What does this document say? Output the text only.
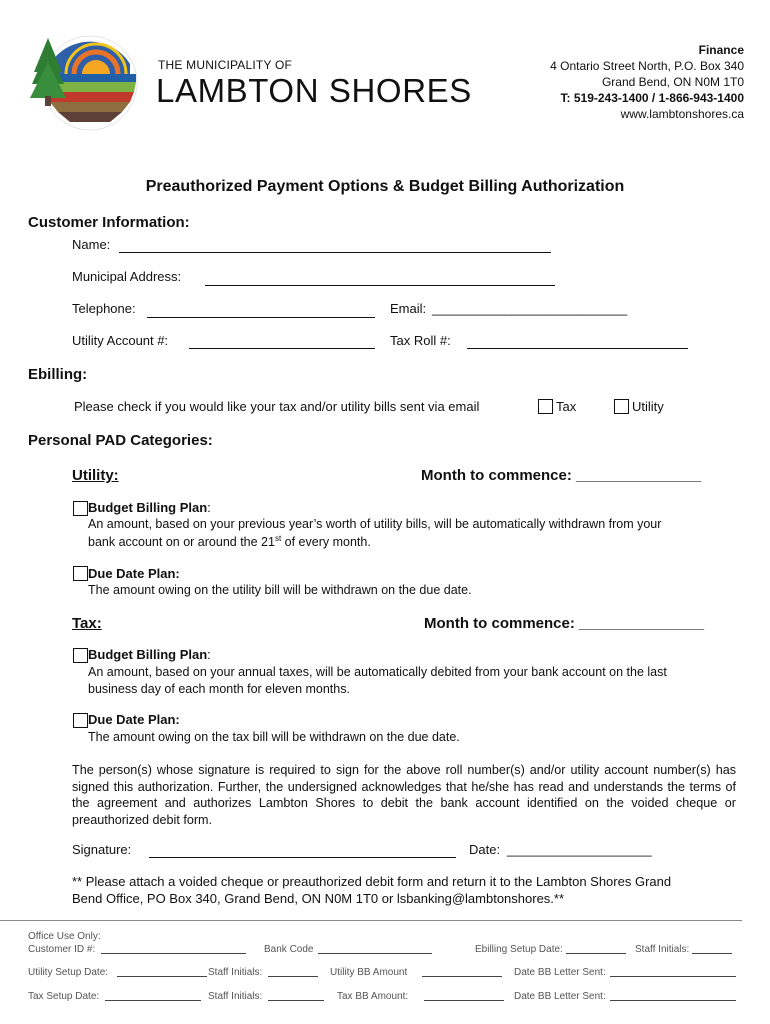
THE MUNICIPALITY OF
LAMBTON SHORES
Finance
4 Ontario Street North, P.O. Box 340
Grand Bend, ON N0M 1T0
T: 519-243-1400 / 1-866-943-1400
www.lambtonshores.ca
Preauthorized Payment Options & Budget Billing Authorization
Customer Information:
Name:
Municipal Address:
Telephone:	Email: ___________________________
Utility Account #:	Tax Roll #:
Ebilling:
Please check if you would like your tax and/or utility bills sent via email	Tax	Utility
Personal PAD Categories:
Utility:	Month to commence: _______________
Budget Billing Plan:
An amount, based on your previous year’s worth of utility bills, will be automatically withdrawn from your
bank account on or around the 21st of every month.
Due Date Plan:
The amount owing on the utility bill will be withdrawn on the due date.
Tax:	Month to commence: _______________
Budget Billing Plan:
An amount, based on your annual taxes, will be automatically debited from your bank account on the last
business day of each month for eleven months.
Due Date Plan:
The amount owing on the tax bill will be withdrawn on the due date.
The person(s) whose signature is required to sign for the above roll number(s) and/or utility account number(s) has signed this authorization. Further, the undersigned acknowledges that he/she has read and understands the terms of the agreement and authorizes Lambton Shores to debit the bank account identified on the voided cheque or preauthorized debit form.
Signature:	Date: ____________________
** Please attach a voided cheque or preauthorized debit form and return it to the Lambton Shores Grand
Bend Office, PO Box 340, Grand Bend, ON N0M 1T0 or lsbanking@lambtonshores.**
Office Use Only:
Customer ID #:	Bank Code	Ebilling Setup Date:	Staff Initials:
Utility Setup Date:	Staff Initials:	Utility BB Amount	Date BB Letter Sent:
Tax Setup Date:	Staff Initials:	Tax BB Amount:	Date BB Letter Sent:
